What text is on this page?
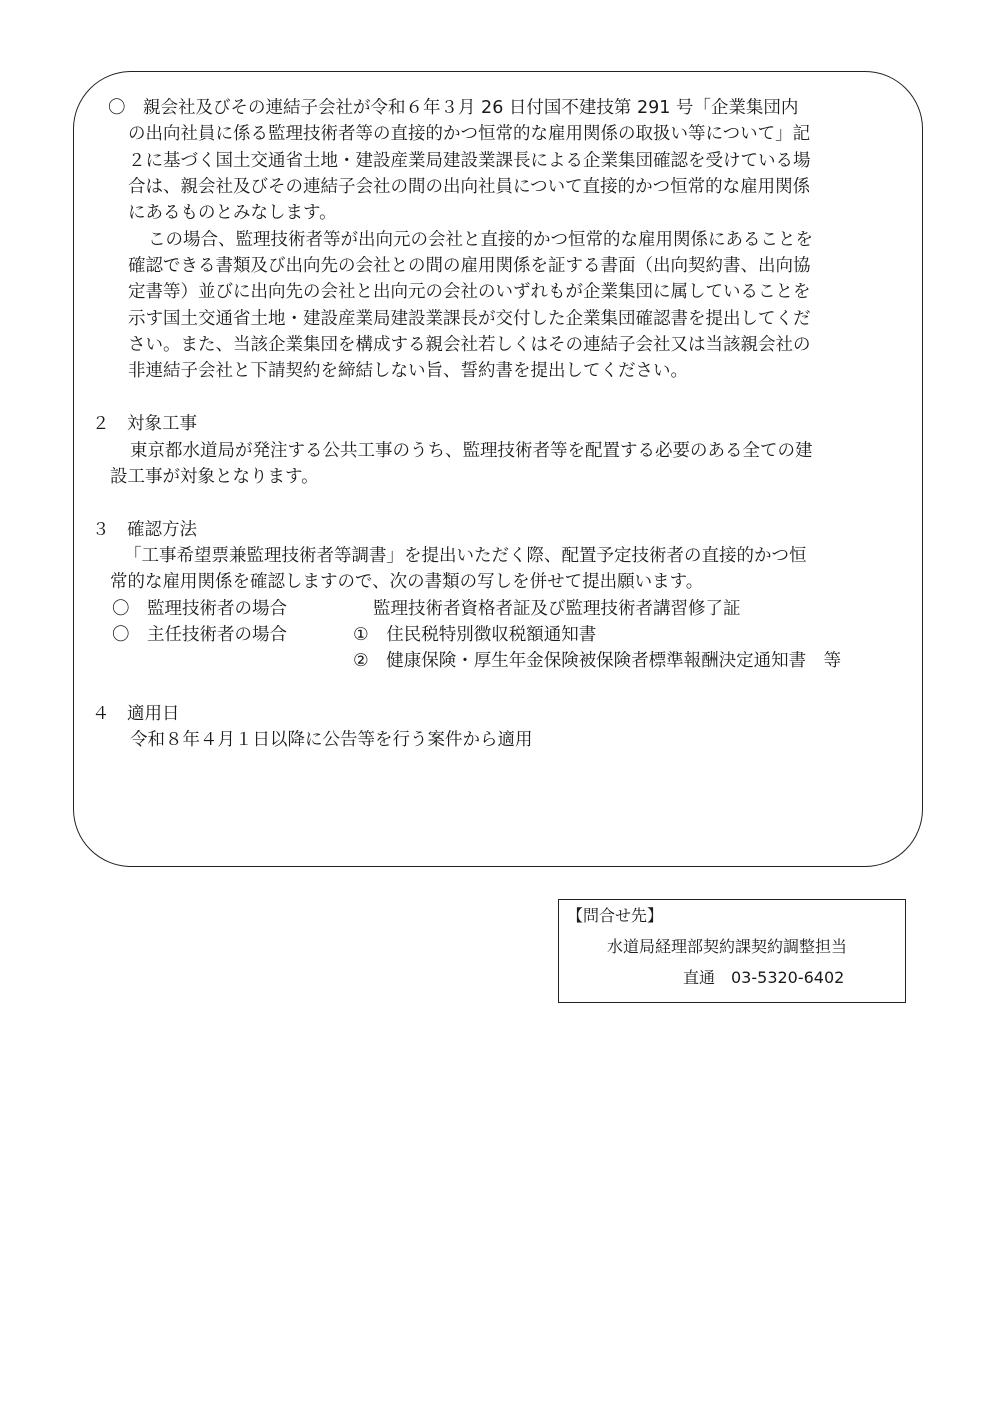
〇　親会社及びその連結子会社が令和６年３月 26 日付国不建技第 291 号「企業集団内
の出向社員に係る監理技術者等の直接的かつ恒常的な雇用関係の取扱い等について」記
２に基づく国土交通省土地・建設産業局建設業課長による企業集団確認を受けている場
合は、親会社及びその連結子会社の間の出向社員について直接的かつ恒常的な雇用関係
にあるものとみなします。
この場合、監理技術者等が出向元の会社と直接的かつ恒常的な雇用関係にあることを
確認できる書類及び出向先の会社との間の雇用関係を証する書面（出向契約書、出向協
定書等）並びに出向先の会社と出向元の会社のいずれもが企業集団に属していることを
示す国土交通省土地・建設産業局建設業課長が交付した企業集団確認書を提出してくだ
さい。また、当該企業集団を構成する親会社若しくはその連結子会社又は当該親会社の
非連結子会社と下請契約を締結しない旨、誓約書を提出してください。
２　対象工事
東京都水道局が発注する公共工事のうち、監理技術者等を配置する必要のある全ての建
設工事が対象となります。
３　確認方法
「工事希望票兼監理技術者等調書」を提出いただく際、配置予定技術者の直接的かつ恒
常的な雇用関係を確認しますので、次の書類の写しを併せて提出願います。
〇　監理技術者の場合	監理技術者資格者証及び監理技術者講習修了証
〇　主任技術者の場合	①　住民税特別徴収税額通知書
②　健康保険・厚生年金保険被保険者標準報酬決定通知書　等
４　適用日
令和８年４月１日以降に公告等を行う案件から適用
【問合せ先】
水道局経理部契約課契約調整担当
直通　03-5320-6402
